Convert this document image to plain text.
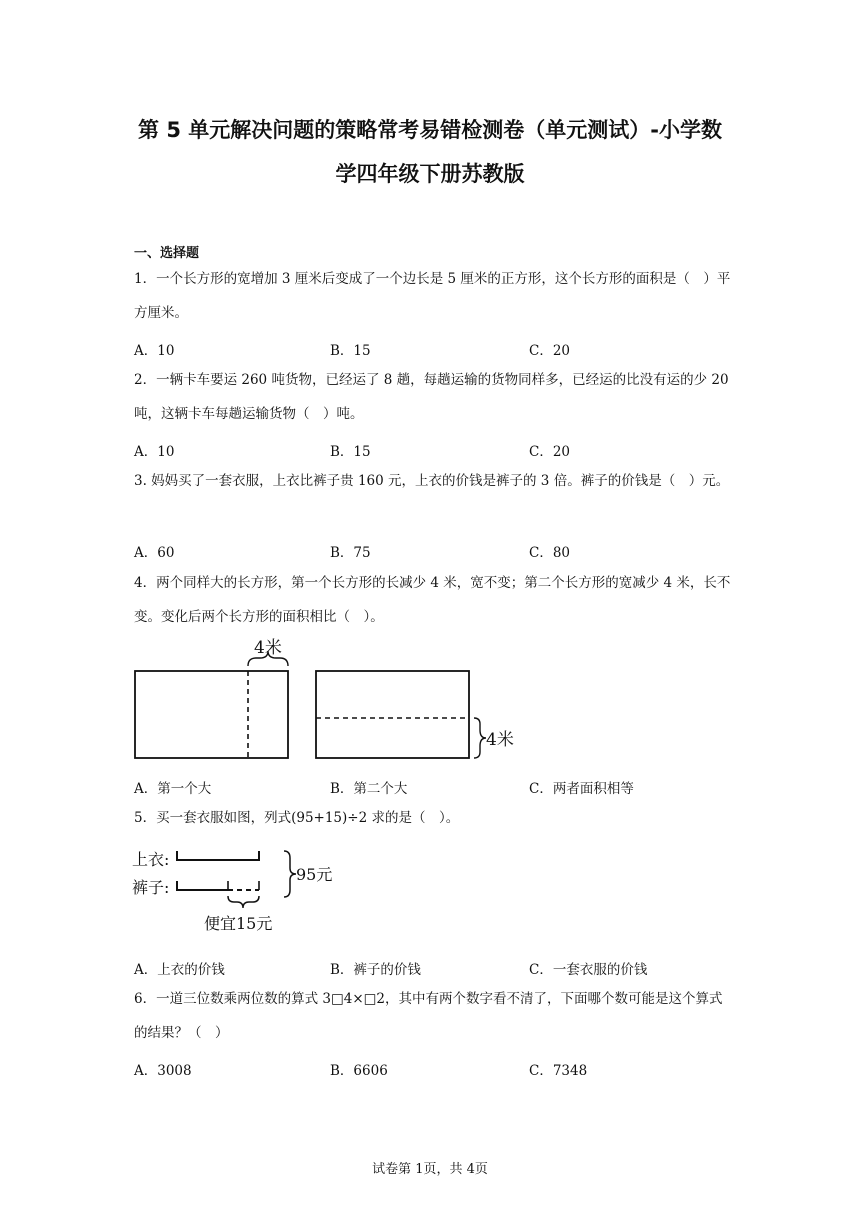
第 5 单元解决问题的策略常考易错检测卷（单元测试）-小学数
学四年级下册苏教版
一、选择题
1．一个长方形的宽增加 3 厘米后变成了一个边长是 5 厘米的正方形，这个长方形的面积是（　）平方厘米。
A．10	B．15	C．20
2．一辆卡车要运 260 吨货物，已经运了 8 趟，每趟运输的货物同样多，已经运的比没有运的少 20 吨，这辆卡车每趟运输货物（　）吨。
A．10	B．15	C．20
3. 妈妈买了一套衣服，上衣比裤子贵 160 元，上衣的价钱是裤子的 3 倍。裤子的价钱是（　）元。
A．60	B．75	C．80
4．两个同样大的长方形，第一个长方形的长减少 4 米，宽不变；第二个长方形的宽减少 4 米，长不变。变化后两个长方形的面积相比（　）。
4米
4米
A．第一个大	B．第二个大	C．两者面积相等
5．买一套衣服如图，列式(95+15)÷2 求的是（　）。
上衣:
裤子:
95元
便宜15元
A．上衣的价钱	B．裤子的价钱	C．一套衣服的价钱
6．一道三位数乘两位数的算式 3□4×□2，其中有两个数字看不清了，下面哪个数可能是这个算式的结果？（　）
A．3008	B．6606	C．7348
试卷第 1页，共 4页
